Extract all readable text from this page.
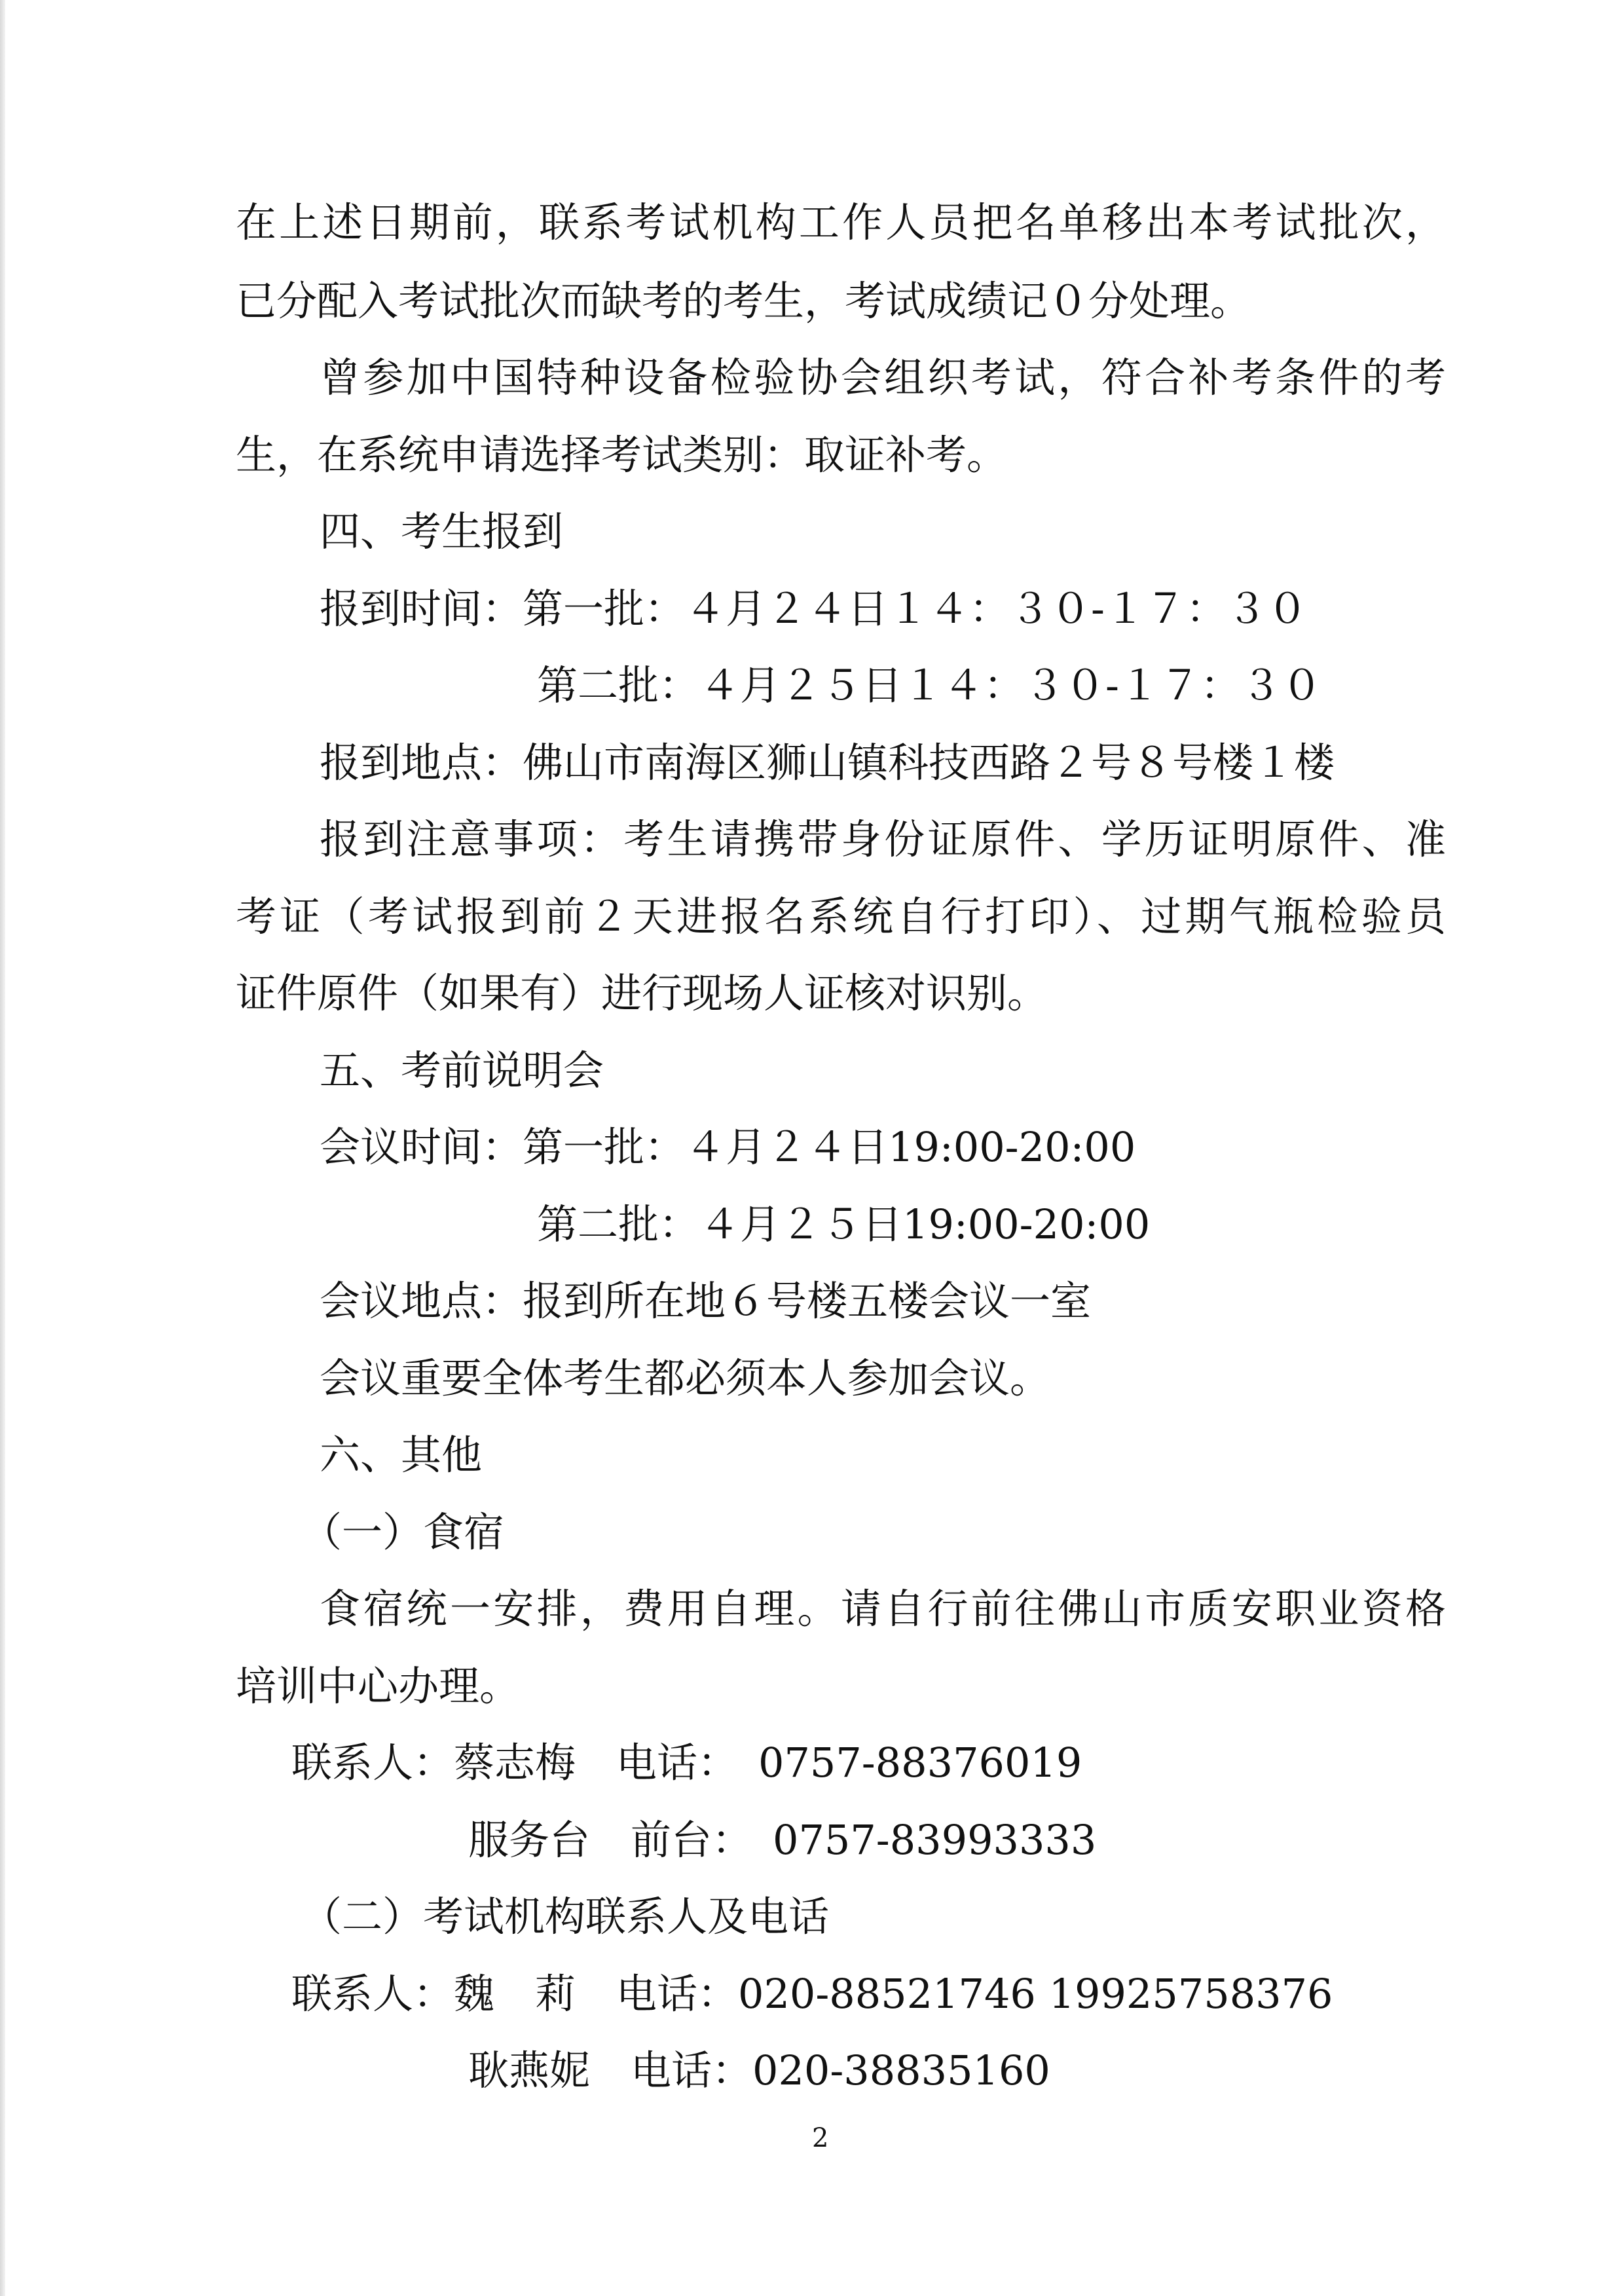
在上述日期前，联系考试机构工作人员把名单移出本考试批次，
已分配入考试批次而缺考的考生，考试成绩记０分处理。
曾参加中国特种设备检验协会组织考试，符合补考条件的考
生，在系统申请选择考试类别：取证补考。
四、考生报到
报到时间：第一批：４月２４日１４：３０-１７：３０
第二批：４月２５日１４：３０-１７：３０
报到地点：佛山市南海区狮山镇科技西路２号８号楼１楼
报到注意事项：考生请携带身份证原件、学历证明原件、准
考证（考试报到前２天进报名系统自行打印）、过期气瓶检验员
证件原件（如果有）进行现场人证核对识别。
五、考前说明会
会议时间：第一批：４月２４日19:00-20:00
第二批：４月２５日19:00-20:00
会议地点：报到所在地６号楼五楼会议一室
会议重要全体考生都必须本人参加会议。
六、其他
（一）食宿
食宿统一安排，费用自理。请自行前往佛山市质安职业资格
培训中心办理。
联系人：蔡志梅　电话：　0757-88376019
服务台　前台：　0757-83993333
（二）考试机构联系人及电话
联系人：魏　莉　电话：020-88521746 19925758376
耿燕妮　电话：020-38835160
2
